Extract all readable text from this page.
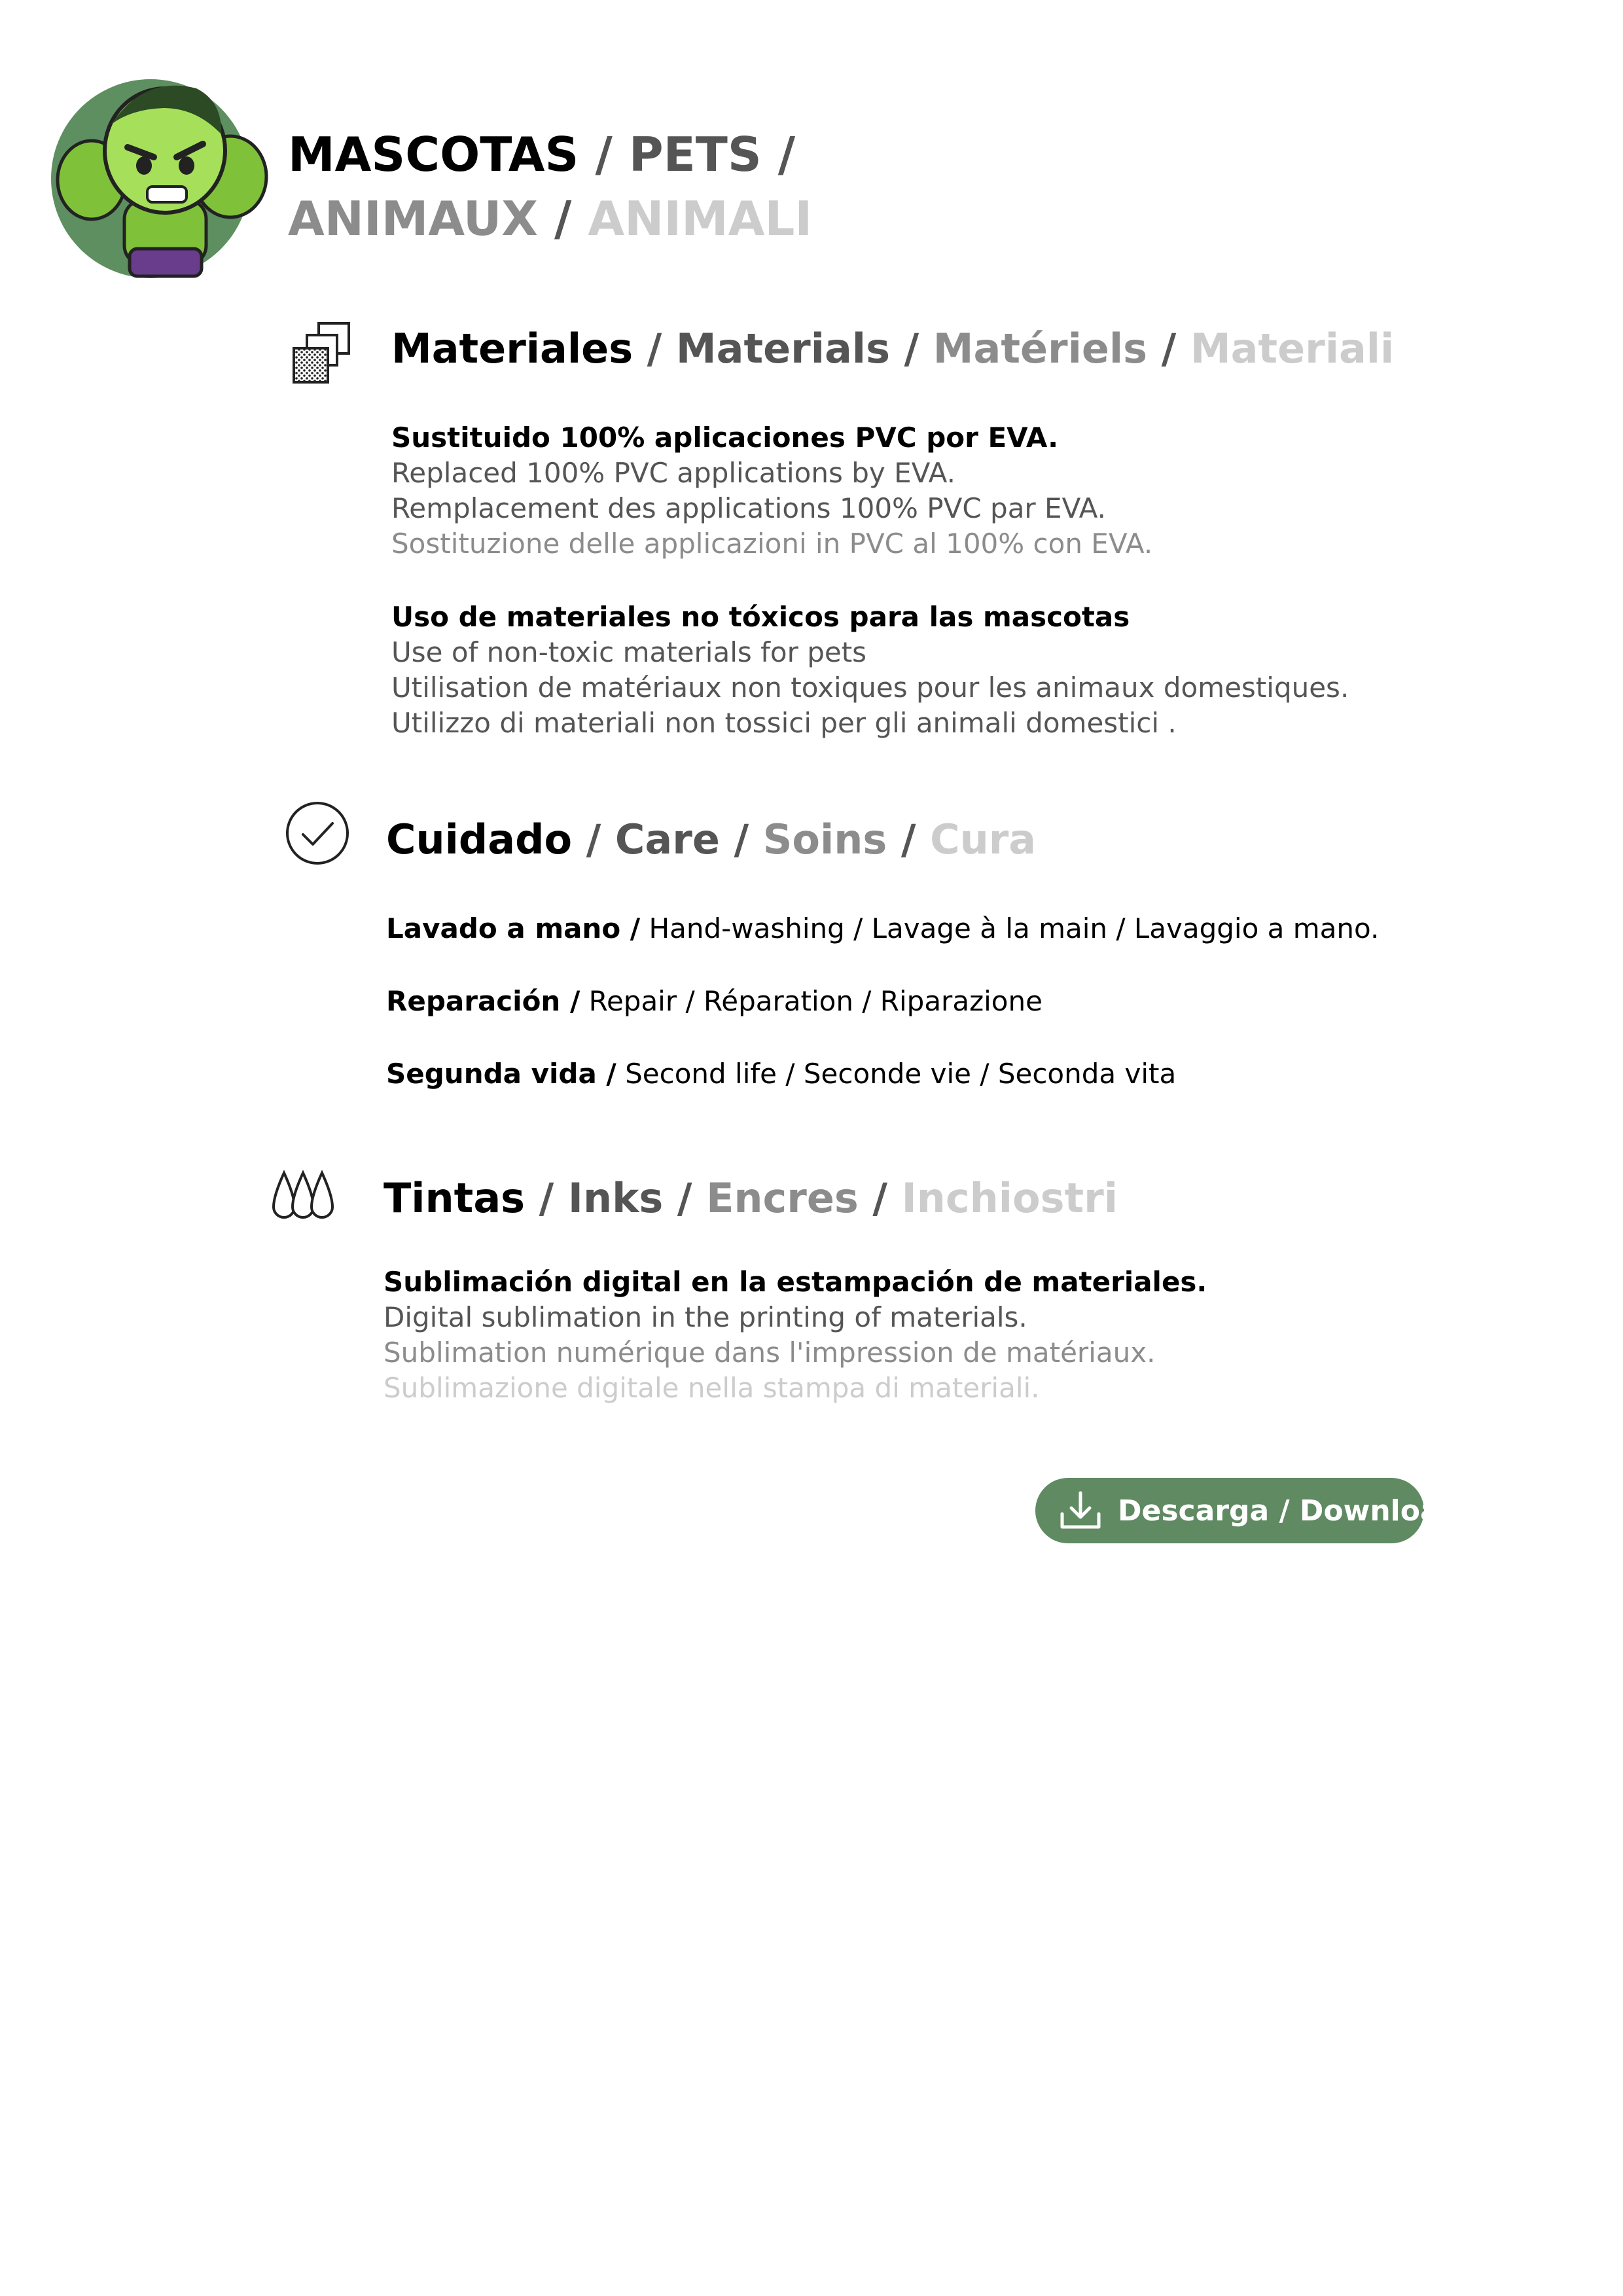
MASCOTAS / PETS /
ANIMAUX / ANIMALI
Materiales / Materials / Matériels / Materiali
Sustituido 100% aplicaciones PVC por EVA.
Replaced 100% PVC applications by EVA.
Remplacement des applications 100% PVC par EVA.
Sostituzione delle applicazioni in PVC al 100% con EVA.
Uso de materiales no tóxicos para las mascotas
Use of non-toxic materials for pets
Utilisation de matériaux non toxiques pour les animaux domestiques.
Utilizzo di materiali non tossici per gli animali domestici .
Cuidado / Care / Soins / Cura
Lavado a mano / Hand-washing / Lavage à la main / Lavaggio a mano.
Reparación / Repair / Réparation / Riparazione
Segunda vida / Second life / Seconde vie / Seconda vita
Tintas / Inks / Encres / Inchiostri
Sublimación digital en la estampación de materiales.
Digital sublimation in the printing of materials.
Sublimation numérique dans l'impression de matériaux.
Sublimazione digitale nella stampa di materiali.
Descarga / Download
